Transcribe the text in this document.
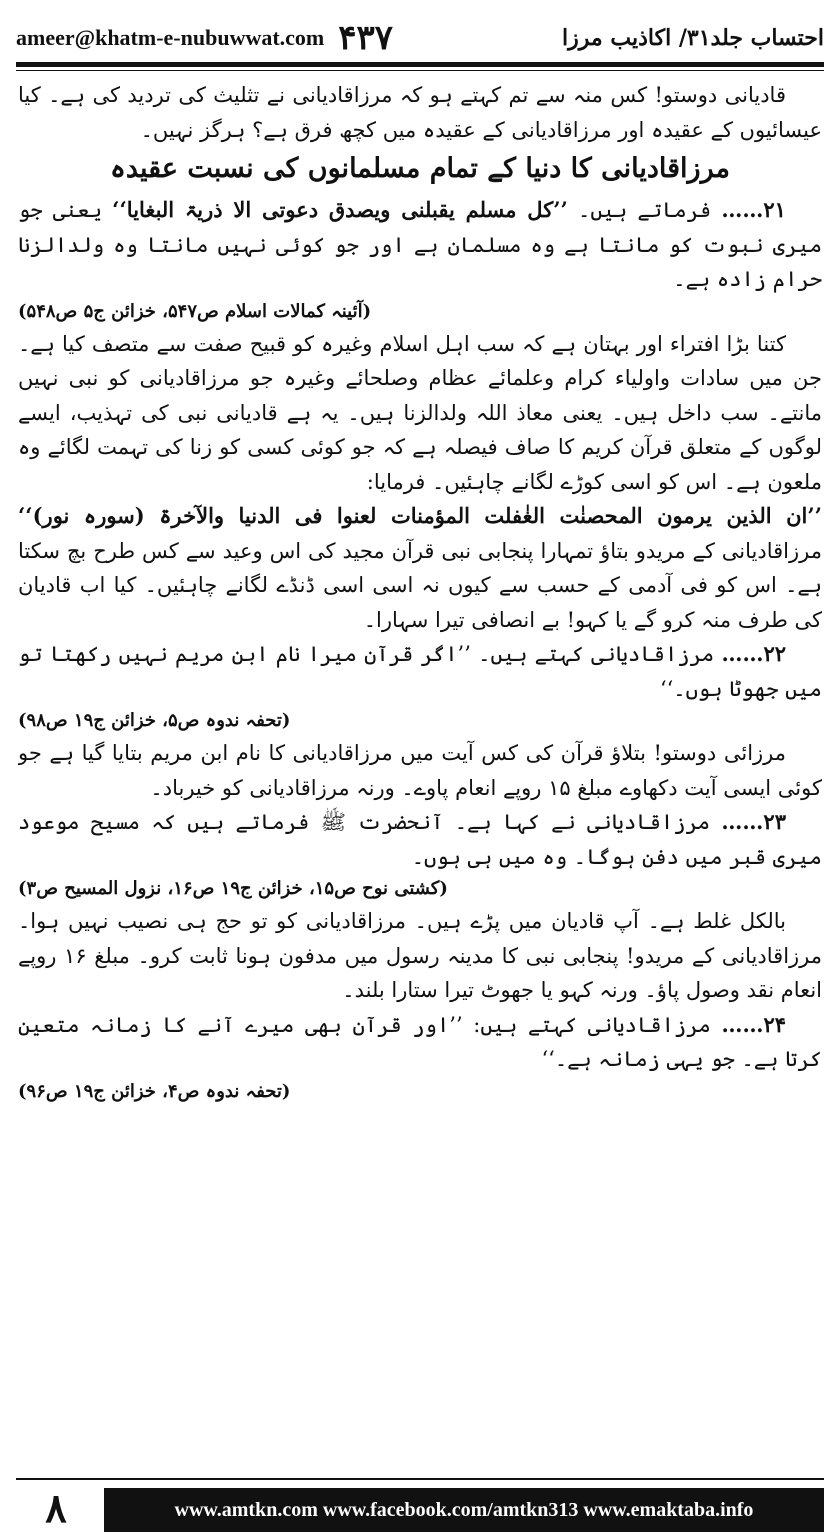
ameer@khatm-e-nubuwwat.com ۴۳۷	احتساب جلد۳۱/ اکاذیب مرزا

قادیانی دوستو! کس منہ سے تم کہتے ہو کہ مرزاقادیانی نے تثلیث کی تردید کی ہے۔ کیا عیسائیوں کے عقیدہ اور مرزاقادیانی کے عقیدہ میں کچھ فرق ہے؟ ہرگز نہیں۔

مرزاقادیانی کا دنیا کے تمام مسلمانوں کی نسبت عقیدہ

۲۱…… فرماتے ہیں۔ ’’کل مسلم یقبلنی ویصدق دعوتی الا ذریۃ البغایا‘‘ یعنی جو میری نبوت کو مانتا ہے وہ مسلمان ہے اور جو کوئی نہیں مانتا وہ ولدالزنا حرام زادہ ہے۔

(آئینہ کمالات اسلام ص۵۴۷، خزائن ج۵ ص۵۴۸)

کتنا بڑا افتراء اور بہتان ہے کہ سب اہل اسلام وغیرہ کو قبیح صفت سے متصف کیا ہے۔ جن میں سادات واولیاء کرام وعلمائے عظام وصلحائے وغیرہ جو مرزاقادیانی کو نبی نہیں مانتے۔ سب داخل ہیں۔ یعنی معاذ اللہ ولدالزنا ہیں۔ یہ ہے قادیانی نبی کی تہذیب، ایسے لوگوں کے متعلق قرآن کریم کا صاف فیصلہ ہے کہ جو کوئی کسی کو زنا کی تہمت لگائے وہ ملعون ہے۔ اس کو اسی کوڑے لگانے چاہئیں۔ فرمایا:

’’ان الذین یرمون المحصنٰت الغٰفلت المؤمنات لعنوا فی الدنیا والآخرۃ (سورہ نور)‘‘ مرزاقادیانی کے مریدو بتاؤ تمہارا پنجابی نبی قرآن مجید کی اس وعید سے کس طرح بچ سکتا ہے۔ اس کو فی آدمی کے حسب سے کیوں نہ اسی اسی ڈنڈے لگانے چاہئیں۔ کیا اب قادیان کی طرف منہ کرو گے یا کہو! بے انصافی تیرا سہارا۔

۲۲…… مرزاقادیانی کہتے ہیں۔ ’’اگر قرآن میرا نام ابن مریم نہیں رکھتا تو میں جھوٹا ہوں۔‘‘

(تحفہ ندوہ ص۵، خزائن ج۱۹ ص۹۸)

مرزائی دوستو! بتلاؤ قرآن کی کس آیت میں مرزاقادیانی کا نام ابن مریم بتایا گیا ہے جو کوئی ایسی آیت دکھاوے مبلغ ۱۵ روپے انعام پاوے۔ ورنہ مرزاقادیانی کو خیرباد۔

۲۳…… مرزاقادیانی نے کہا ہے۔ آنحضرت ﷺ فرماتے ہیں کہ مسیح موعود میری قبر میں دفن ہوگا۔ وہ میں ہی ہوں۔

(کشتی نوح ص۱۵، خزائن ج۱۹ ص۱۶، نزول المسیح ص۳)

بالکل غلط ہے۔ آپ قادیان میں پڑے ہیں۔ مرزاقادیانی کو تو حج ہی نصیب نہیں ہوا۔ مرزاقادیانی کے مریدو! پنجابی نبی کا مدینہ رسول میں مدفون ہونا ثابت کرو۔ مبلغ ۱۶ روپے انعام نقد وصول پاؤ۔ ورنہ کہو یا جھوٹ تیرا ستارا بلند۔

۲۴…… مرزاقادیانی کہتے ہیں: ’’اور قرآن بھی میرے آنے کا زمانہ متعین کرتا ہے۔ جو یہی زمانہ ہے۔‘‘

(تحفہ ندوہ ص۴، خزائن ج۱۹ ص۹۶)
۸	www.amtkn.com www.facebook.com/amtkn313 www.emaktaba.info
